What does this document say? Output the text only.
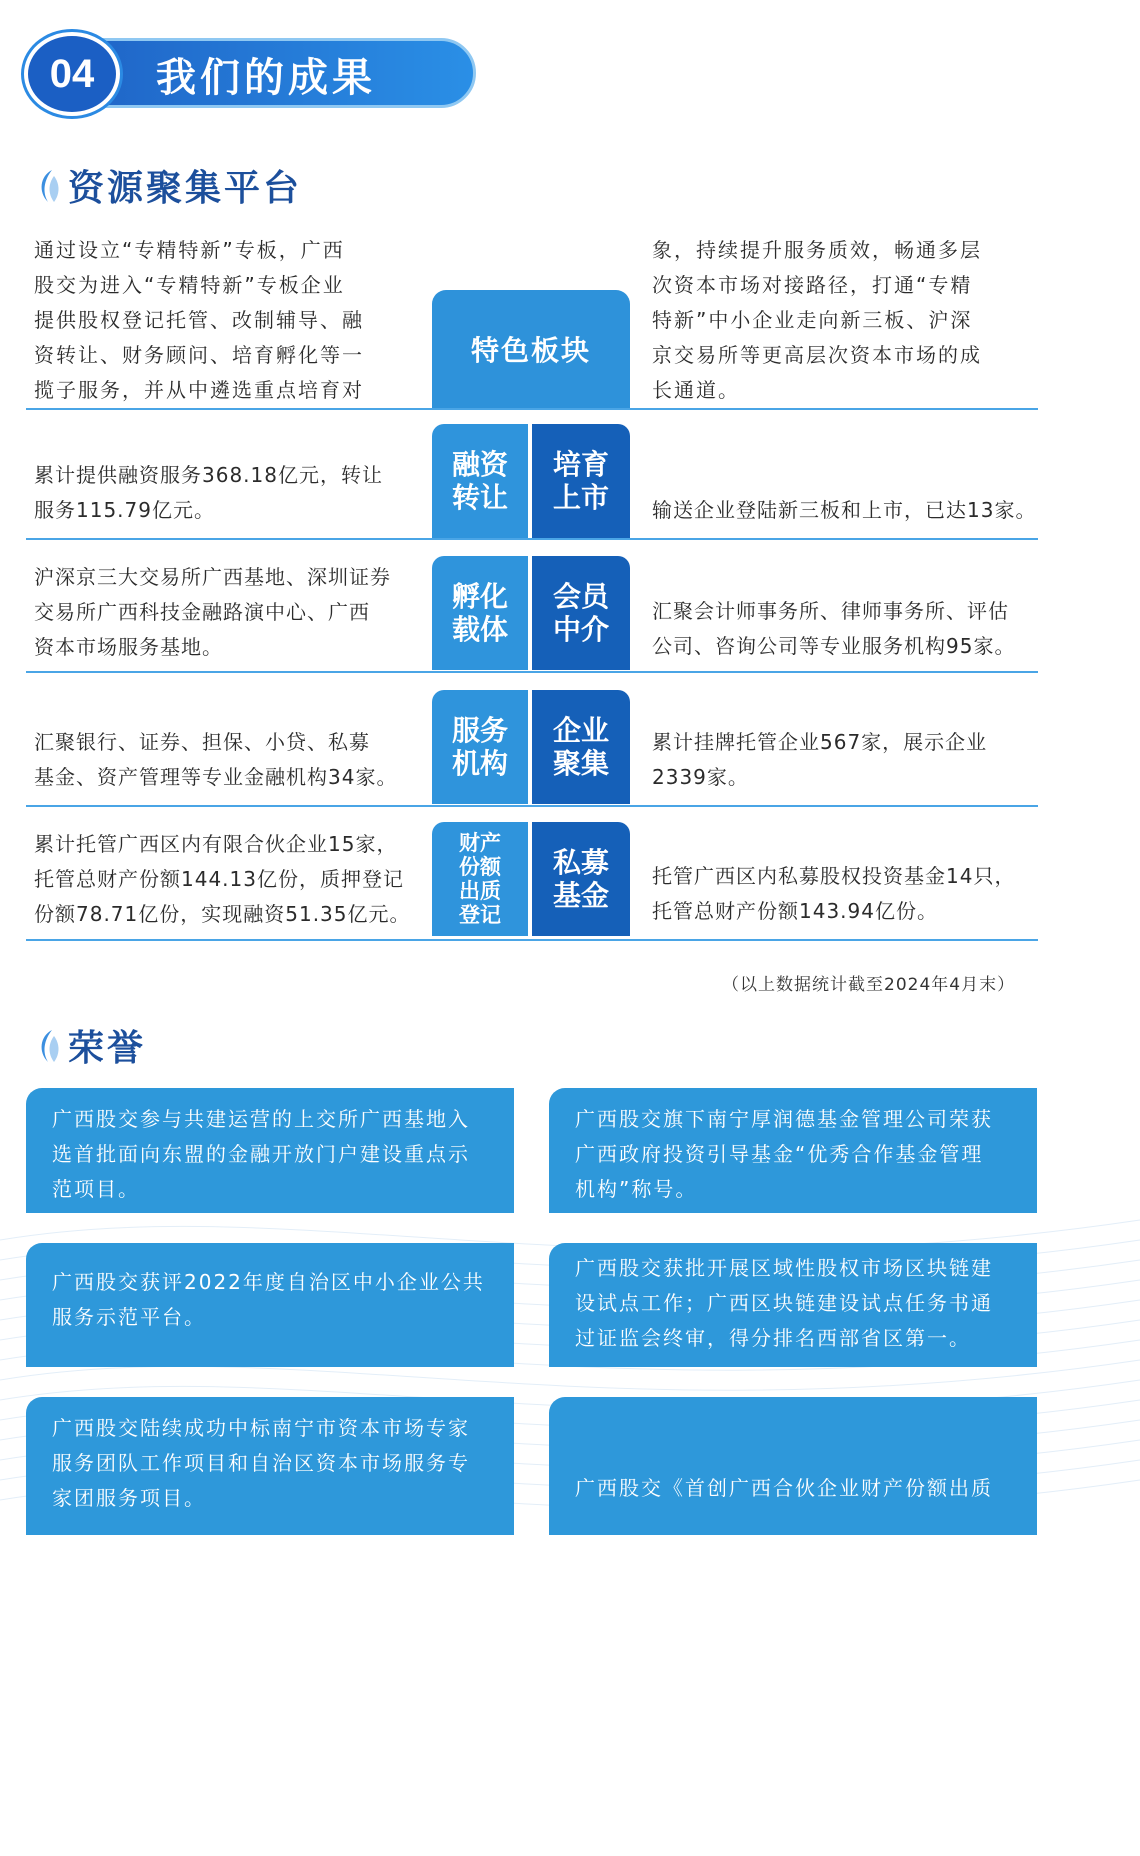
04	我们的成果
资源聚集平台
通过设立“专精特新”专板，广西
股交为进入“专精特新”专板企业
提供股权登记托管、改制辅导、融
资转让、财务顾问、培育孵化等一
揽子服务，并从中遴选重点培育对
特色板块
象，持续提升服务质效，畅通多层
次资本市场对接路径，打通“专精
特新”中小企业走向新三板、沪深
京交易所等更高层次资本市场的成
长通道。
累计提供融资服务368.18亿元，转让
服务115.79亿元。
融资
转让
培育
上市 输送企业登陆新三板和上市，已达13家。
沪深京三大交易所广西基地、深圳证券
交易所广西科技金融路演中心、广西
资本市场服务基地。
孵化
载体
会员
中介
汇聚会计师事务所、律师事务所、评估
公司、咨询公司等专业服务机构95家。
汇聚银行、证券、担保、小贷、私募
基金、资产管理等专业金融机构34家。
服务
机构
企业
聚集
累计挂牌托管企业567家，展示企业
2339家。
累计托管广西区内有限合伙企业15家，
托管总财产份额144.13亿份，质押登记
份额78.71亿份，实现融资51.35亿元。
财产
份额
出质
登记
私募
基金
托管广西区内私募股权投资基金14只，
托管总财产份额143.94亿份。
（以上数据统计截至2024年4月末）
荣誉
广西股交参与共建运营的上交所广西基地入
选首批面向东盟的金融开放门户建设重点示
范项目。
广西股交旗下南宁厚润德基金管理公司荣获
广西政府投资引导基金“优秀合作基金管理
机构”称号。
广西股交获评2022年度自治区中小企业公共
服务示范平台。
广西股交获批开展区域性股权市场区块链建
设试点工作；广西区块链建设试点任务书通
过证监会终审，得分排名西部省区第一。
广西股交陆续成功中标南宁市资本市场专家
服务团队工作项目和自治区资本市场服务专
家团服务项目。

	广西股交《首创广西合伙企业财产份额出质

新模式  致力完善多层次资本市场服务体系》

荣获第二届广西直接融资十大经典案例及主

创团队提名。
